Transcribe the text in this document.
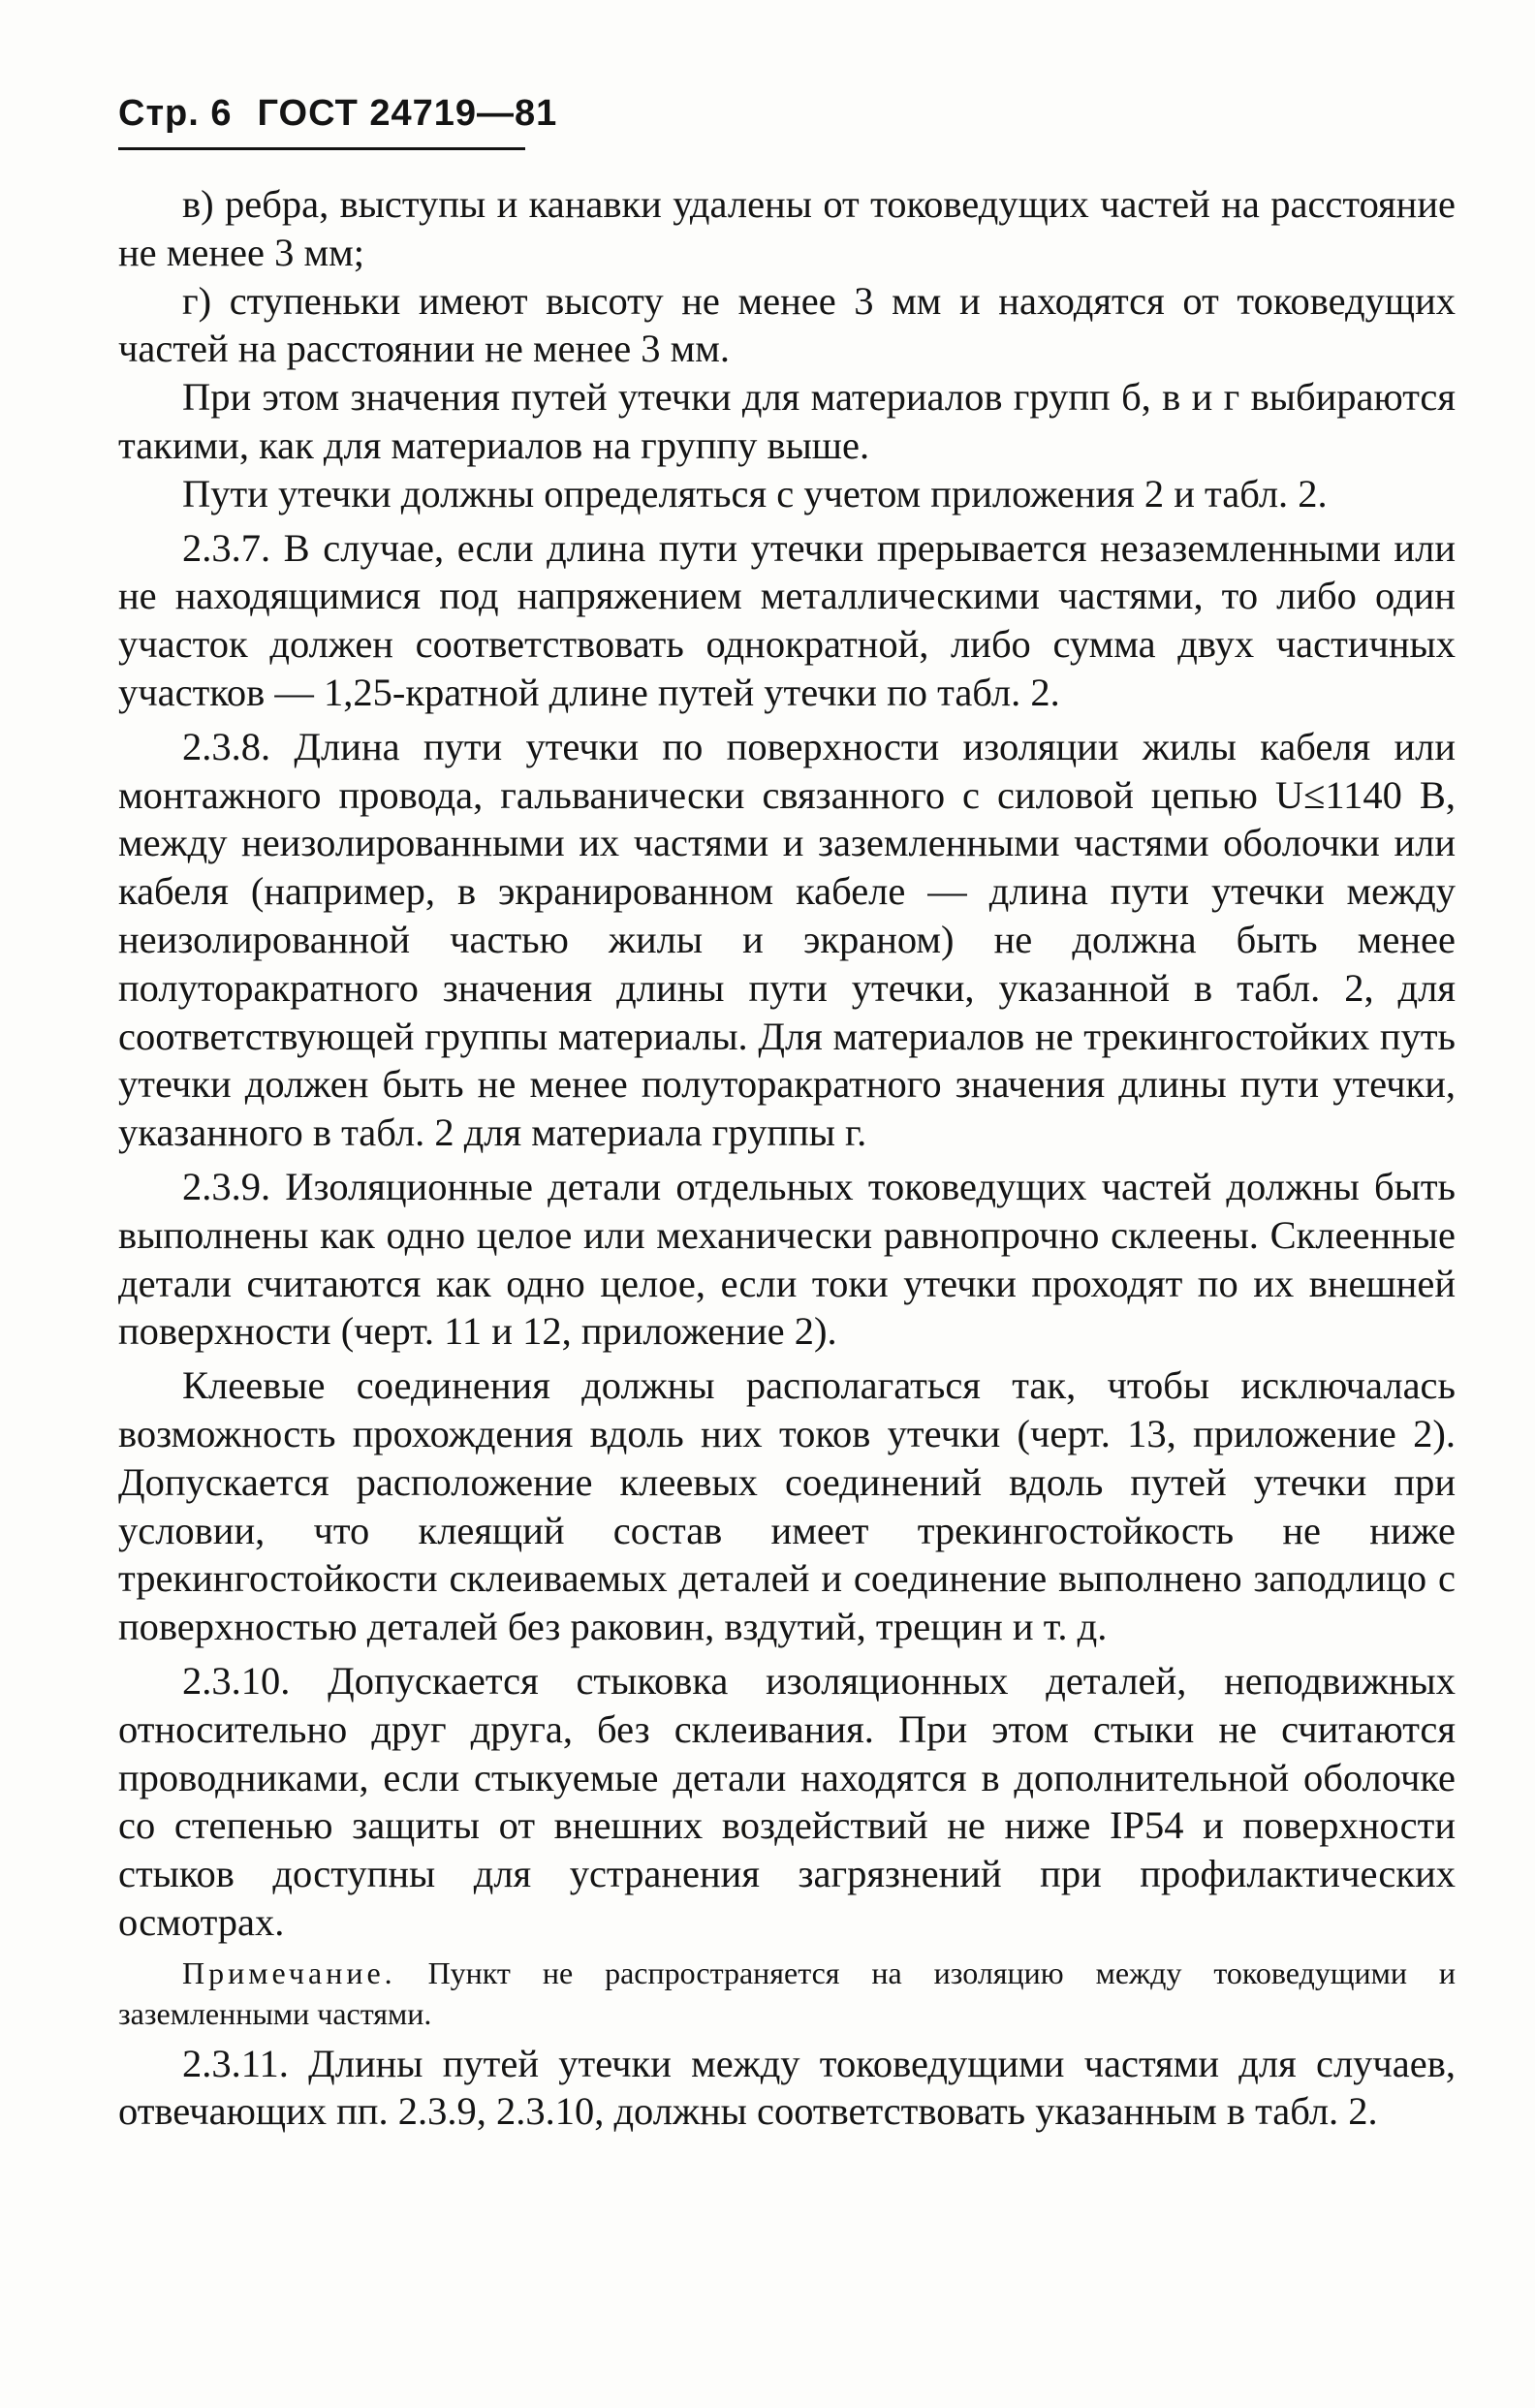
Стр. 6 ГОСТ 24719—81

в) ребра, выступы и канавки удалены от токоведущих частей на расстояние не менее 3 мм;

г) ступеньки имеют высоту не менее 3 мм и находятся от токоведущих частей на расстоянии не менее 3 мм.

При этом значения путей утечки для материалов групп б, в и г выбираются такими, как для материалов на группу выше.

Пути утечки должны определяться с учетом приложения 2 и табл. 2.

2.3.7. В случае, если длина пути утечки прерывается незаземленными или не находящимися под напряжением металлическими частями, то либо один участок должен соответствовать однократной, либо сумма двух частичных участков — 1,25-кратной длине путей утечки по табл. 2.

2.3.8. Длина пути утечки по поверхности изоляции жилы кабеля или монтажного провода, гальванически связанного с силовой цепью U≤1140 В, между неизолированными их частями и заземленными частями оболочки или кабеля (например, в экранированном кабеле — длина пути утечки между неизолированной частью жилы и экраном) не должна быть менее полуторакратного значения длины пути утечки, указанной в табл. 2, для соответствующей группы материалы. Для материалов не трекингостойких путь утечки должен быть не менее полуторакратного значения длины пути утечки, указанного в табл. 2 для материала группы г.

2.3.9. Изоляционные детали отдельных токоведущих частей должны быть выполнены как одно целое или механически равнопрочно склеены. Склеенные детали считаются как одно целое, если токи утечки проходят по их внешней поверхности (черт. 11 и 12, приложение 2).

Клеевые соединения должны располагаться так, чтобы исключалась возможность прохождения вдоль них токов утечки (черт. 13, приложение 2). Допускается расположение клеевых соединений вдоль путей утечки при условии, что клеящий состав имеет трекингостойкость не ниже трекингостойкости склеиваемых деталей и соединение выполнено заподлицо с поверхностью деталей без раковин, вздутий, трещин и т. д.

2.3.10. Допускается стыковка изоляционных деталей, неподвижных относительно друг друга, без склеивания. При этом стыки не считаются проводниками, если стыкуемые детали находятся в дополнительной оболочке со степенью защиты от внешних воздействий не ниже IP54 и поверхности стыков доступны для устранения загрязнений при профилактических осмотрах.

Примечание. Пункт не распространяется на изоляцию между токоведущими и заземленными частями.

2.3.11. Длины путей утечки между токоведущими частями для случаев, отвечающих пп. 2.3.9, 2.3.10, должны соответствовать указанным в табл. 2.
